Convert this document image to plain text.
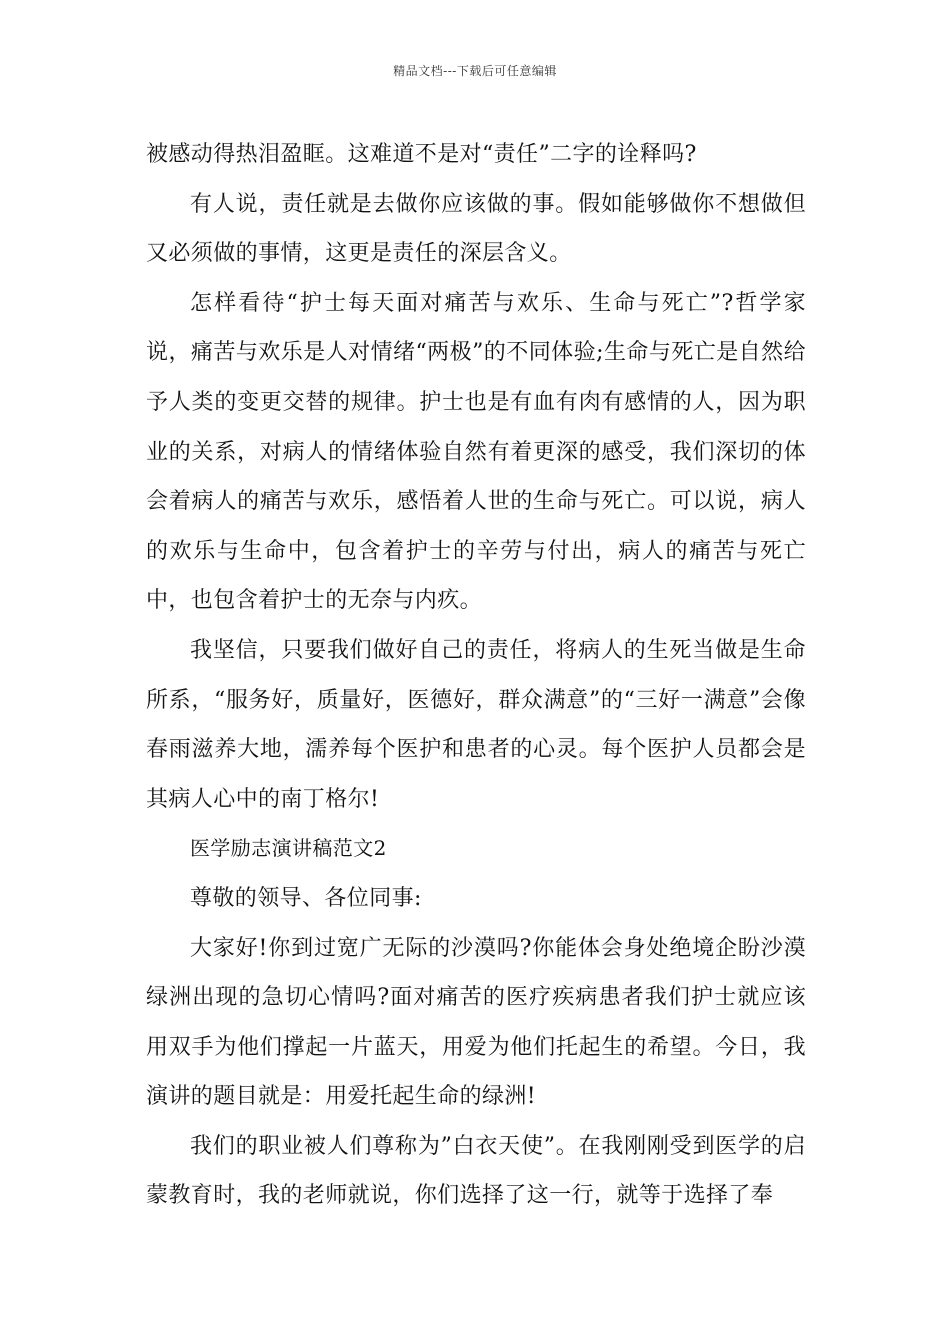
精品文档---下载后可任意编辑

被感动得热泪盈眶。这难道不是对“责任”二字的诠释吗?

有人说，责任就是去做你应该做的事。假如能够做你不想做但又必须做的事情，这更是责任的深层含义。

怎样看待“护士每天面对痛苦与欢乐、生命与死亡”?哲学家说，痛苦与欢乐是人对情绪“两极”的不同体验;生命与死亡是自然给予人类的变更交替的规律。护士也是有血有肉有感情的人，因为职业的关系，对病人的情绪体验自然有着更深的感受，我们深切的体会着病人的痛苦与欢乐，感悟着人世的生命与死亡。可以说，病人的欢乐与生命中，包含着护士的辛劳与付出，病人的痛苦与死亡中，也包含着护士的无奈与内疚。

我坚信，只要我们做好自己的责任，将病人的生死当做是生命所系，“服务好，质量好，医德好，群众满意”的“三好一满意”会像春雨滋养大地，濡养每个医护和患者的心灵。每个医护人员都会是其病人心中的南丁格尔!

医学励志演讲稿范文2

尊敬的领导、各位同事:

大家好!你到过宽广无际的沙漠吗?你能体会身处绝境企盼沙漠绿洲出现的急切心情吗?面对痛苦的医疗疾病患者我们护士就应该用双手为他们撑起一片蓝天，用爱为他们托起生的希望。今日，我演讲的题目就是：用爱托起生命的绿洲!

我们的职业被人们尊称为”白衣天使”。在我刚刚受到医学的启蒙教育时，我的老师就说，你们选择了这一行，就等于选择了奉
